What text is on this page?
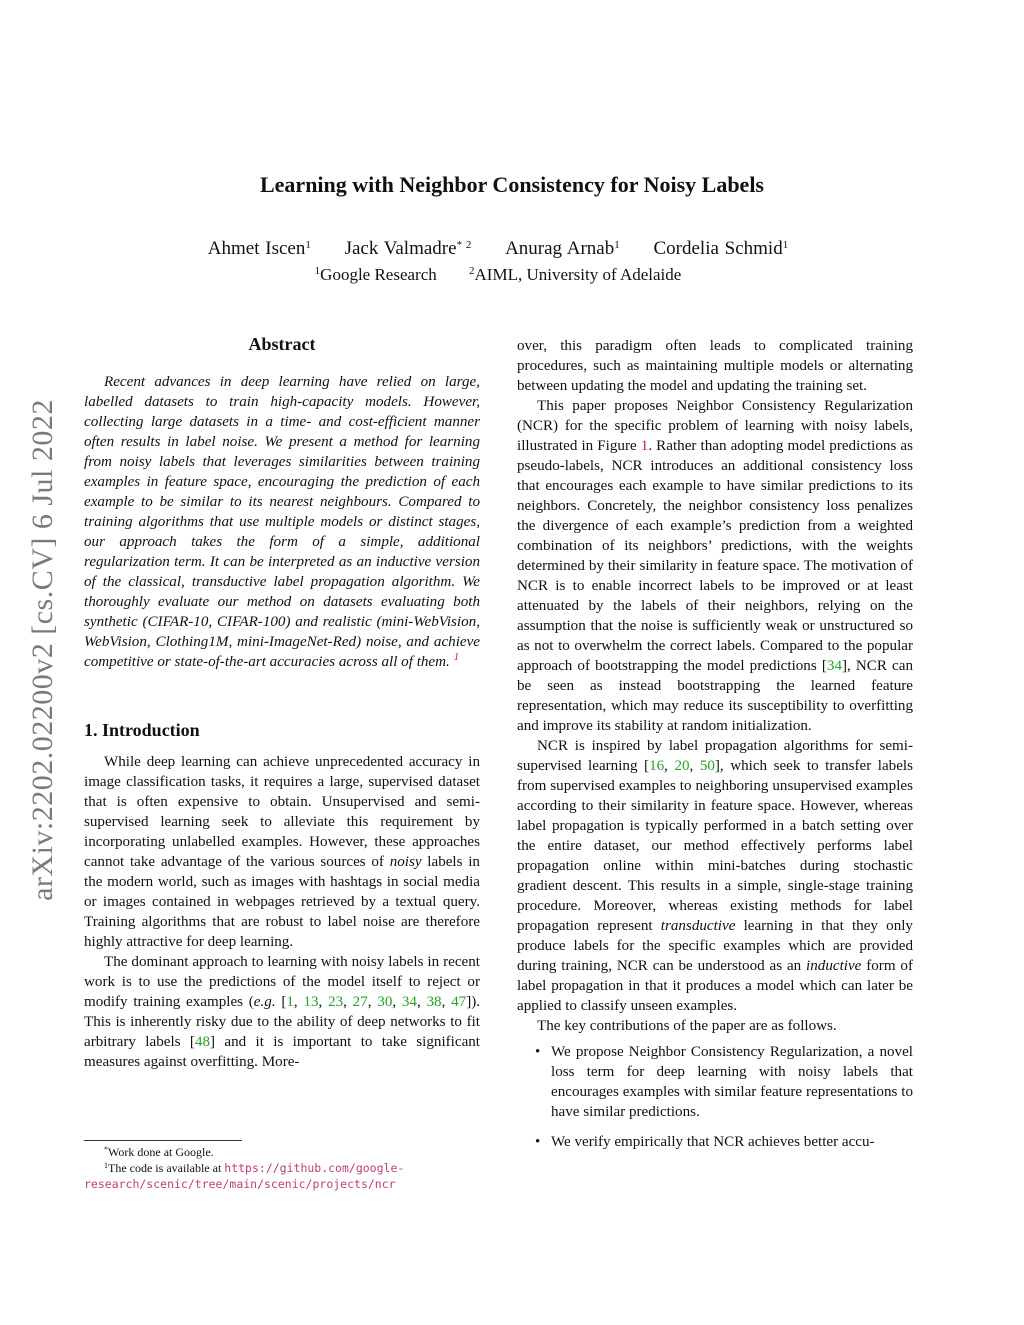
arXiv:2202.02200v2 [cs.CV] 6 Jul 2022
Learning with Neighbor Consistency for Noisy Labels
Ahmet Iscen$^1$ Jack Valmadre$^{* 2}$ Anurag Arnab$^1$ Cordelia Schmid$^1$
$^1$Google Research	$^2$AIML, University of Adelaide
Abstract

Recent advances in deep learning have relied on large, labelled datasets to train high-capacity models. However, collecting large datasets in a time- and cost-efficient manner often results in label noise. We present a method for learning from noisy labels that leverages similarities between training examples in feature space, encouraging the prediction of each example to be similar to its nearest neighbours. Compared to training algorithms that use multiple models or distinct stages, our approach takes the form of a simple, additional regularization term. It can be interpreted as an inductive version of the classical, transductive label propagation algorithm. We thoroughly evaluate our method on datasets evaluating both synthetic (CIFAR-10, CIFAR-100) and realistic (mini-WebVision, WebVision, Clothing1M, mini-ImageNet-Red) noise, and achieve competitive or state-of-the-art accuracies across all of them. $^1$

1. Introduction

While deep learning can achieve unprecedented accuracy in image classification tasks, it requires a large, supervised dataset that is often expensive to obtain. Unsupervised and semi-supervised learning seek to alleviate this requirement by incorporating unlabelled examples. However, these approaches cannot take advantage of the various sources of noisy labels in the modern world, such as images with hashtags in social media or images contained in webpages retrieved by a textual query. Training algorithms that are robust to label noise are therefore highly attractive for deep learning.

The dominant approach to learning with noisy labels in recent work is to use the predictions of the model itself to reject or modify training examples (e.g. [1, 13, 23, 27, 30, 34, 38, 47]). This is inherently risky due to the ability of deep networks to fit arbitrary labels [48] and it is important to take significant measures against overfitting. More-

over, this paradigm often leads to complicated training procedures, such as maintaining multiple models or alternating between updating the model and updating the training set.

This paper proposes Neighbor Consistency Regularization (NCR) for the specific problem of learning with noisy labels, illustrated in Figure 1. Rather than adopting model predictions as pseudo-labels, NCR introduces an additional consistency loss that encourages each example to have similar predictions to its neighbors. Concretely, the neighbor consistency loss penalizes the divergence of each example’s prediction from a weighted combination of its neighbors’ predictions, with the weights determined by their similarity in feature space. The motivation of NCR is to enable incorrect labels to be improved or at least attenuated by the labels of their neighbors, relying on the assumption that the noise is sufficiently weak or unstructured so as not to overwhelm the correct labels. Compared to the popular approach of bootstrapping the model predictions [34], NCR can be seen as instead bootstrapping the learned feature representation, which may reduce its susceptibility to overfitting and improve its stability at random initialization.

NCR is inspired by label propagation algorithms for semi-supervised learning [16, 20, 50], which seek to transfer labels from supervised examples to neighboring unsupervised examples according to their similarity in feature space. However, whereas label propagation is typically performed in a batch setting over the entire dataset, our method effectively performs label propagation online within mini-batches during stochastic gradient descent. This results in a simple, single-stage training procedure. Moreover, whereas existing methods for label propagation represent transductive learning in that they only produce labels for the specific examples which are provided during training, NCR can be understood as an inductive form of label propagation in that it produces a model which can later be applied to classify unseen examples.

The key contributions of the paper are as follows.

• We propose Neighbor Consistency Regularization, a novel loss term for deep learning with noisy labels that encourages examples with similar feature representations to have similar predictions.
• We verify empirically that NCR achieves better accu-

*Work done at Google.

$^1$The code is available at https://github.com/google-research/scenic/tree/main/scenic/projects/ncr
